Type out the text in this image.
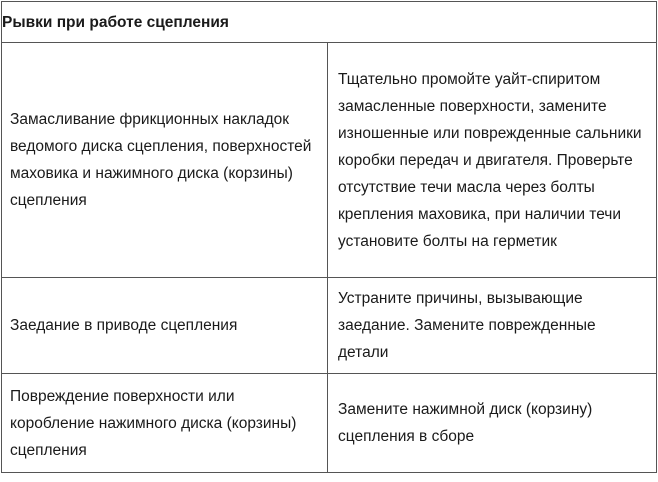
Рывки при работе сцепления	
Замасливание фрикционных накладок ведомого диска сцепления, поверхностей маховика и нажимного диска (корзины) сцепления	Тщательно промойте уайт-спиритом замасленные поверхности, замените изношенные или поврежденные сальники коробки передач и двигателя. Проверьте отсутствие течи масла через болты крепления маховика, при наличии течи установите болты на герметик
Заедание в приводе сцепления	Устраните причины, вызывающие заедание. Замените поврежденные детали
Повреждение поверхности или коробление нажимного диска (корзины) сцепления	Замените нажимной диск (корзину) сцепления в сборе
